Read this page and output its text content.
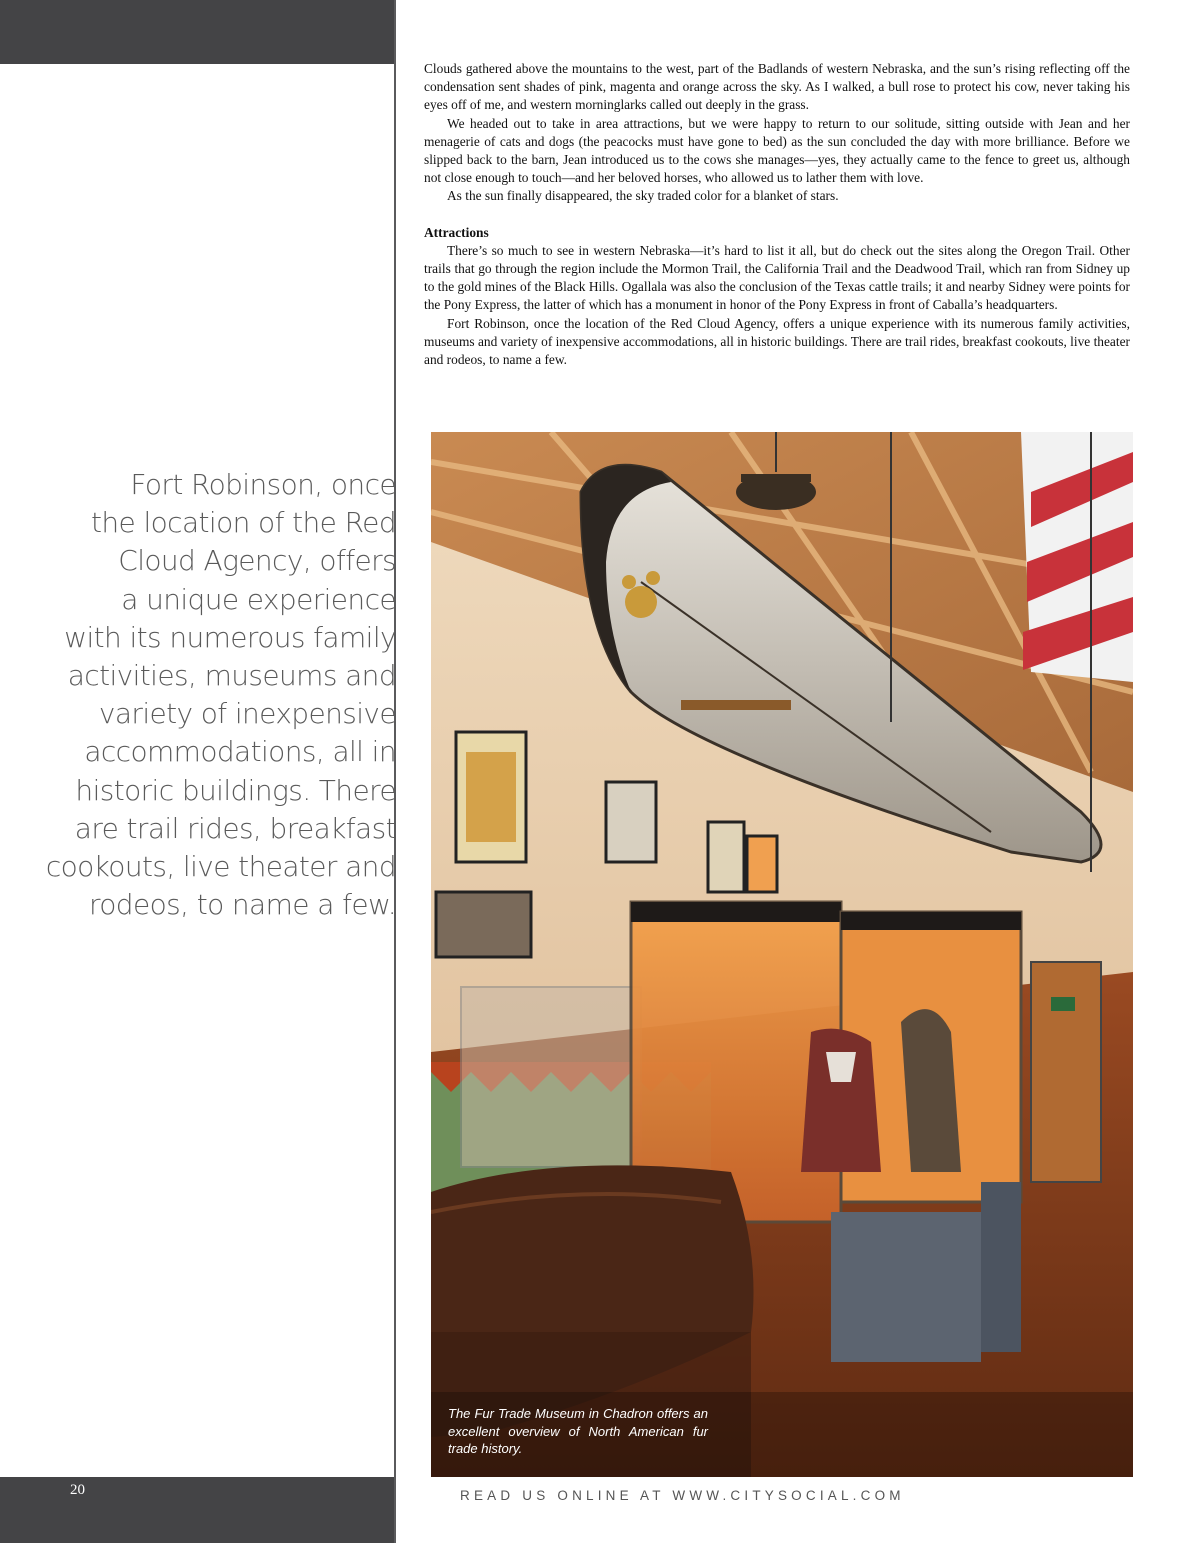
Clouds gathered above the mountains to the west, part of the Badlands of western Nebraska, and the sun’s rising reflecting off the condensation sent shades of pink, magenta and orange across the sky. As I walked, a bull rose to protect his cow, never taking his eyes off of me, and western morninglarks called out deeply in the grass.

We headed out to take in area attractions, but we were happy to return to our solitude, sitting outside with Jean and her menagerie of cats and dogs (the peacocks must have gone to bed) as the sun concluded the day with more brilliance. Before we slipped back to the barn, Jean introduced us to the cows she manages—yes, they actually came to the fence to greet us, although not close enough to touch—and her beloved horses, who allowed us to lather them with love.

As the sun finally disappeared, the sky traded color for a blanket of stars.

Attractions

There’s so much to see in western Nebraska—it’s hard to list it all, but do check out the sites along the Oregon Trail. Other trails that go through the region include the Mormon Trail, the California Trail and the Deadwood Trail, which ran from Sidney up to the gold mines of the Black Hills. Ogallala was also the conclusion of the Texas cattle trails; it and nearby Sidney were points for the Pony Express, the latter of which has a monument in honor of the Pony Express in front of Caballa’s headquarters.

Fort Robinson, once the location of the Red Cloud Agency, offers a unique experience with its numerous family activities, museums and variety of inexpensive accommodations, all in historic buildings. There are trail rides, breakfast cookouts, live theater and rodeos, to name a few.

Fort Robinson, once
the location of the Red
Cloud Agency, offers
a unique experience
with its numerous family
activities, museums and
variety of inexpensive
accommodations, all in
historic buildings. There
are trail rides, breakfast
cookouts, live theater and
rodeos, to name a few.
The Fur Trade Museum in Chadron offers an excellent overview of North American fur trade history.
20	READ US ONLINE AT WWW.CITYSOCIAL.COM
